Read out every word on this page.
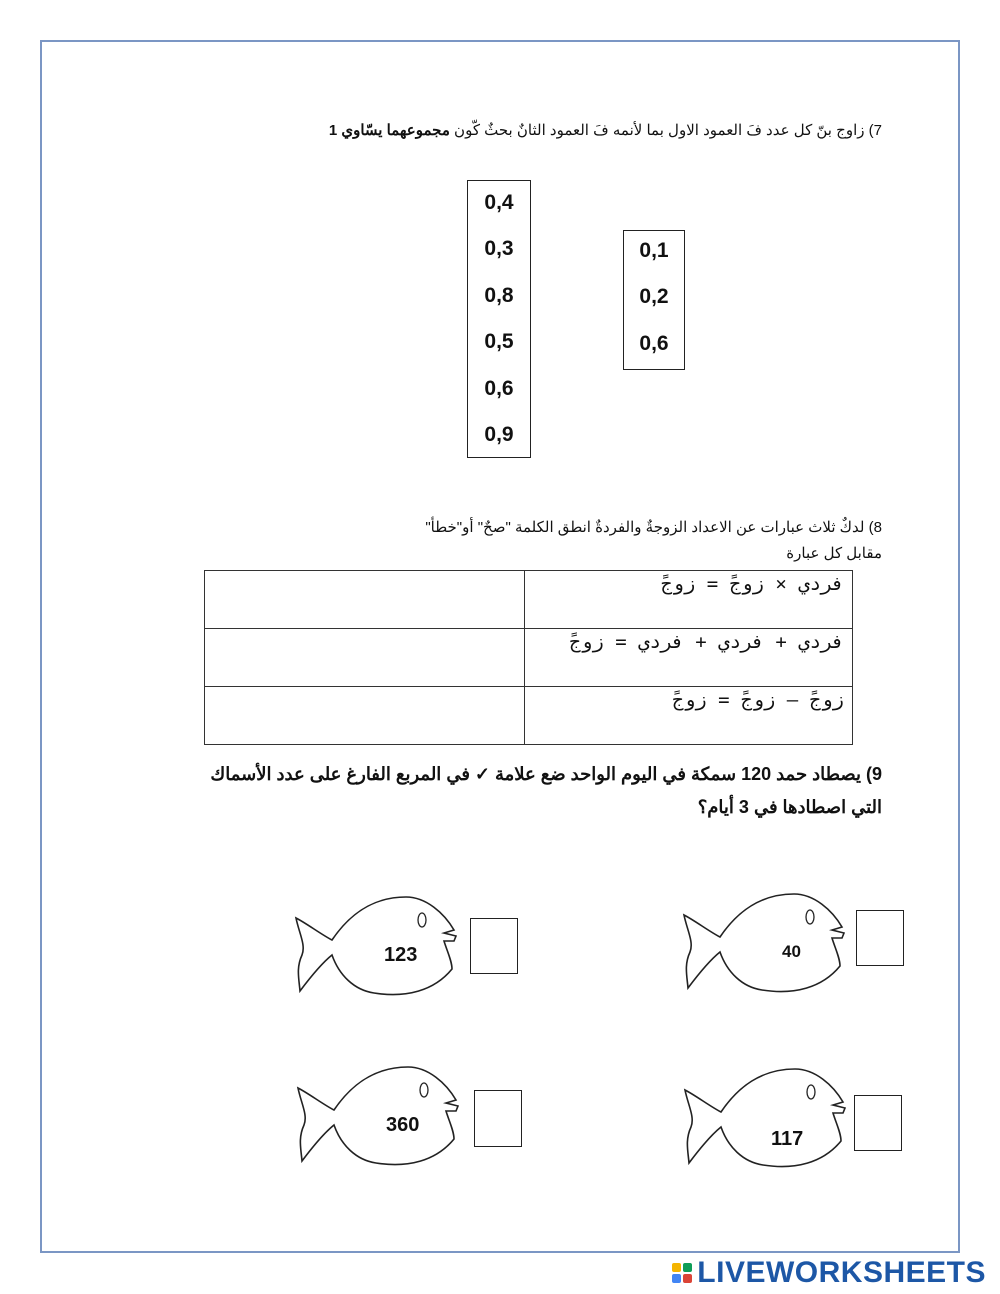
7) زاوج بنّ كل عدد فَ العمود الاول بما لأنمه فَ العمود الثانٌ بحثٌ كّون مجموعهما يسّاوي 1
0,4
0,3
0,8
0,5
0,6
0,9
0,1
0,2
0,6
8) لدكٌ ثلاث عبارات عن الاعداد الزوجةٌ والفردةٌ انطق الكلمة "صحٌ" أو"خطأ"
مقابل كل عبارة
	فردي × زوجً = زوجً
	فردي + فردي + فردي = زوجً
	زوجً – زوجً = زوجً
9) يصطاد حمد 120 سمكة في اليوم الواحد ضع علامة ✓ في المربع الفارغ على عدد الأسماك
التي اصطادها في 3 أيام؟
123	40
360
117
LIVEWORKSHEETS
